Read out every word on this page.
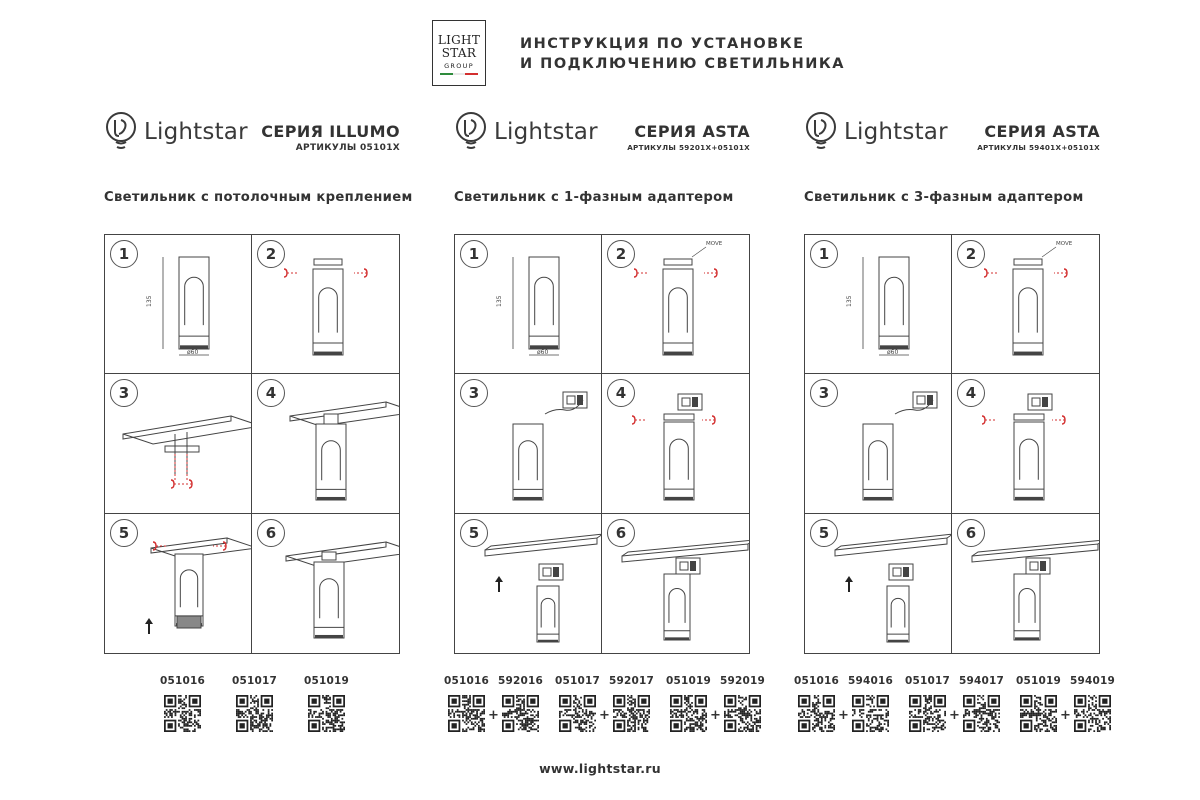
LIGHT
STAR
GROUP
ИНСТРУКЦИЯ ПО УСТАНОВКЕ
И ПОДКЛЮЧЕНИЮ СВЕТИЛЬНИКА
Lightstar СЕРИЯ ILLUMO
АРТИКУЛЫ 05101X
Светильник с потолочным креплением
135
ø60
1	2
3	4
5	6
051016	051017	051019
Lightstar	СЕРИЯ ASTA
АРТИКУЛЫ 59201X+05101X
Светильник с 1-фазным адаптером
135
ø60
1
MOVE
2
3	4
5	6
051016
+
592016 051017
+
592017 051019
+
592019
Lightstar	СЕРИЯ ASTA
АРТИКУЛЫ 59401X+05101X
Светильник с 3-фазным адаптером
135
ø60
1
MOVE
2
3	4
5	6
051016
+
594016 051017
+
594017 051019
+
594019
www.lightstar.ru
